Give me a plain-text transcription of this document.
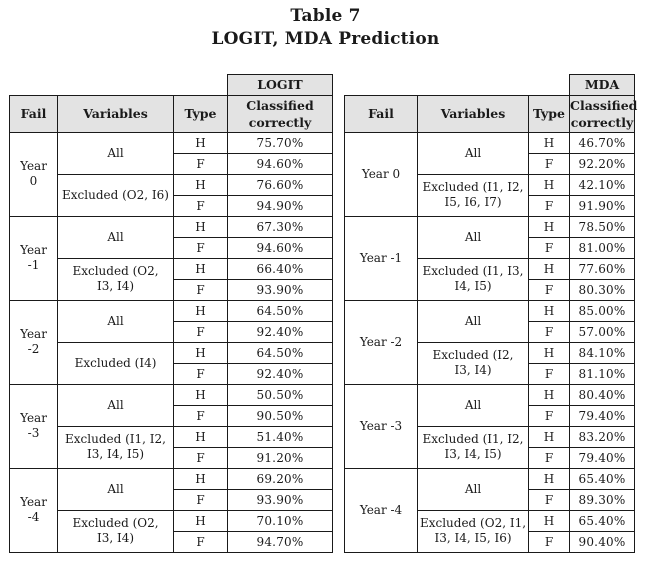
Table 7
LOGIT, MDA Prediction
			LOGIT
Fail	Variables	Type	Classified
correctly
Year
0	All	H	75.70%
		F	94.60%
	Excluded (O2, I6)	H	76.60%
		F	94.90%
Year
-1	All	H	67.30%
		F	94.60%
	Excluded (O2,
I3, I4)	H	66.40%
		F	93.90%
Year
-2	All	H	64.50%
		F	92.40%
	Excluded (I4)	H	64.50%
		F	92.40%
Year
-3	All	H	50.50%
		F	90.50%
	Excluded (I1, I2,
I3, I4, I5)	H	51.40%
		F	91.20%
Year
-4	All	H	69.20%
		F	93.90%
	Excluded (O2,
I3, I4)	H	70.10%
		F	94.70%
			MDA
Fail	Variables	Type	Classified
correctly
Year 0	All	H	46.70%
		F	92.20%
	Excluded (I1, I2,
I5, I6, I7)	H	42.10%
		F	91.90%
Year -1	All	H	78.50%
		F	81.00%
	Excluded (I1, I3,
I4, I5)	H	77.60%
		F	80.30%
Year -2	All	H	85.00%
		F	57.00%
	Excluded (I2,
I3, I4)	H	84.10%
		F	81.10%
Year -3	All	H	80.40%
		F	79.40%
	Excluded (I1, I2,
I3, I4, I5)	H	83.20%
		F	79.40%
Year -4	All	H	65.40%
		F	89.30%
	Excluded (O2, I1,
I3, I4, I5, I6)	H	65.40%
		F	90.40%
